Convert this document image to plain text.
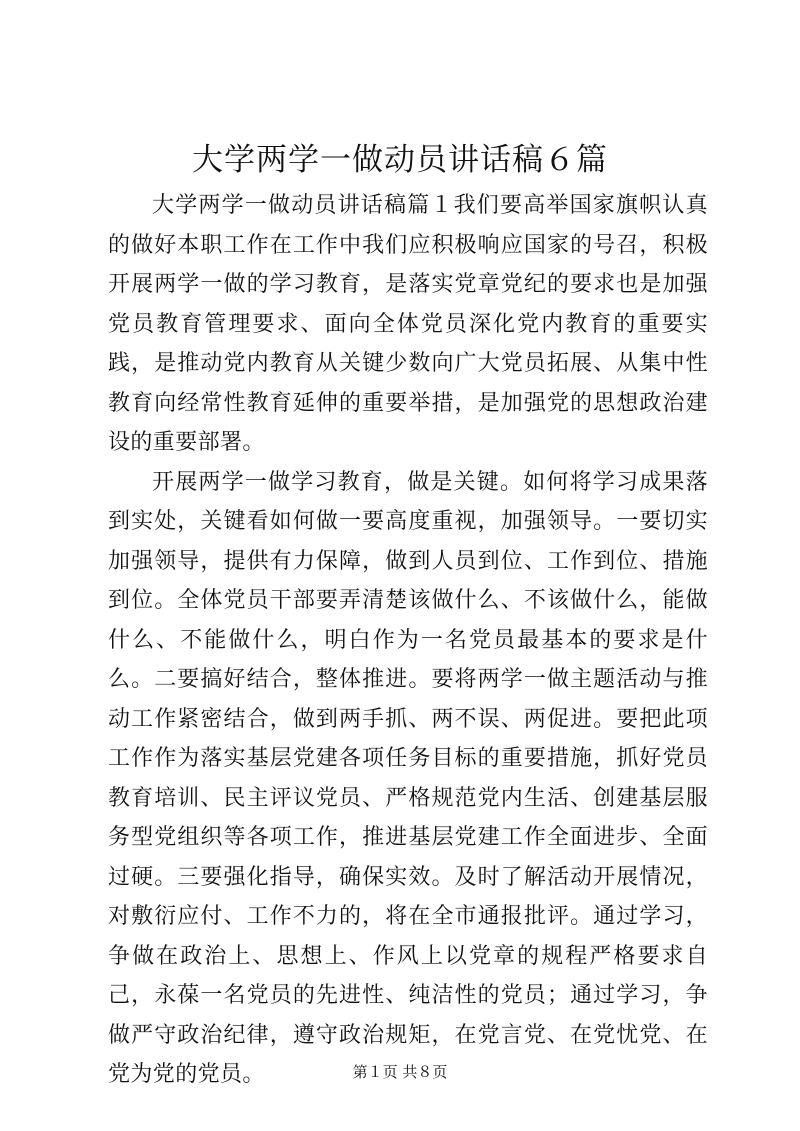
大学两学一做动员讲话稿６篇

大学两学一做动员讲话稿篇１我们要高举国家旗帜认真的做好本职工作在工作中我们应积极响应国家的号召，积极开展两学一做的学习教育，是落实党章党纪的要求也是加强党员教育管理要求、面向全体党员深化党内教育的重要实践，是推动党内教育从关键少数向广大党员拓展、从集中性教育向经常性教育延伸的重要举措，是加强党的思想政治建设的重要部署。

开展两学一做学习教育，做是关键。如何将学习成果落到实处，关键看如何做一要高度重视，加强领导。一要切实加强领导，提供有力保障，做到人员到位、工作到位、措施到位。全体党员干部要弄清楚该做什么、不该做什么，能做什么、不能做什么，明白作为一名党员最基本的要求是什么。二要搞好结合，整体推进。要将两学一做主题活动与推动工作紧密结合，做到两手抓、两不误、两促进。要把此项工作作为落实基层党建各项任务目标的重要措施，抓好党员教育培训、民主评议党员、严格规范党内生活、创建基层服务型党组织等各项工作，推进基层党建工作全面进步、全面过硬。三要强化指导，确保实效。及时了解活动开展情况，对敷衍应付、工作不力的，将在全市通报批评。通过学习，争做在政治上、思想上、作风上以党章的规程严格要求自己，永葆一名党员的先进性、纯洁性的党员；通过学习，争做严守政治纪律，遵守政治规矩，在党言党、在党忧党、在党为党的党员。	第１页 共８页
